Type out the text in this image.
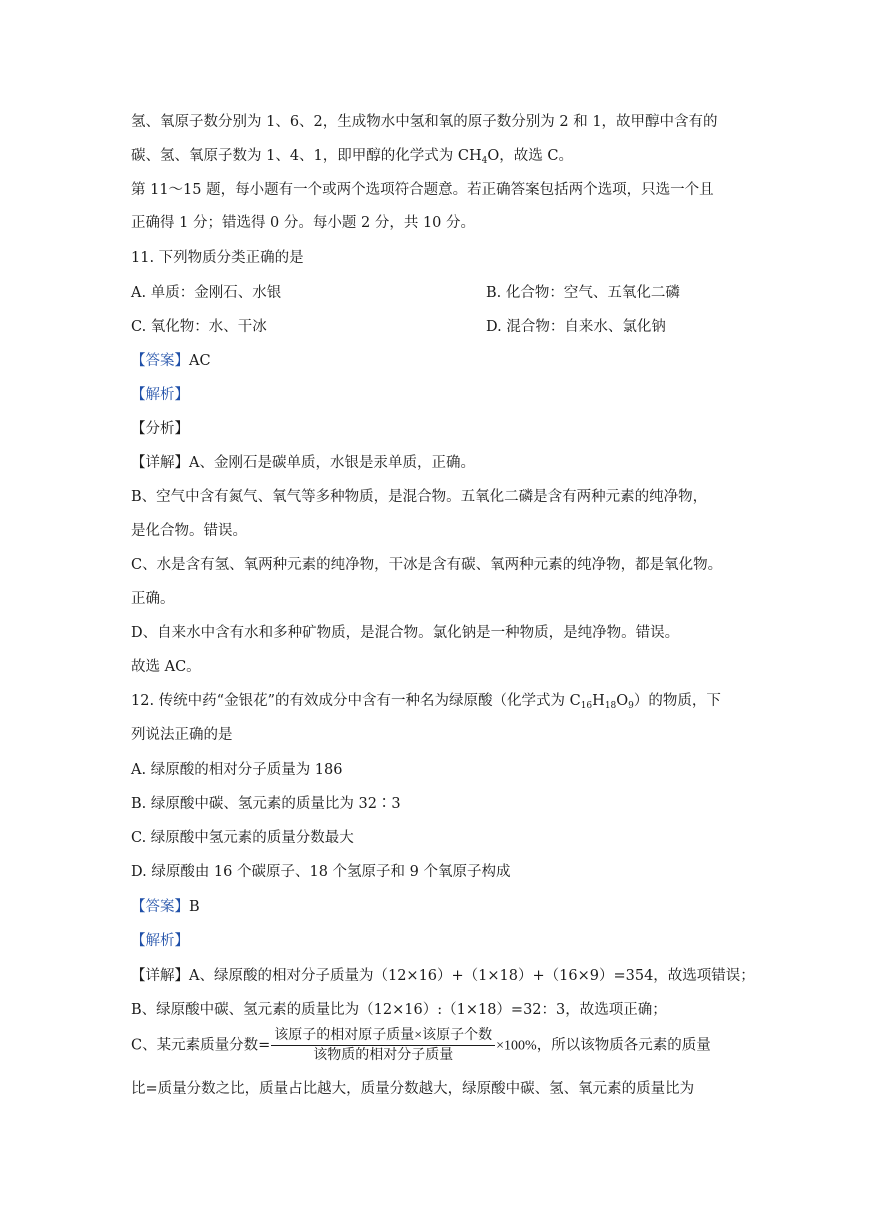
氢、氧原子数分别为 1、6、2，生成物水中氢和氧的原子数分别为 2 和 1，故甲醇中含有的
碳、氢、氧原子数为 1、4、1，即甲醇的化学式为 $CH_4O$，故选 C。
第 11～15 题，每小题有一个或两个选项符合题意。若正确答案包括两个选项，只选一个且
正确得 1 分；错选得 0 分。每小题 2 分，共 10 分。
11. 下列物质分类正确的是
A. 单质：金刚石、水银	B. 化合物：空气、五氧化二磷
C. 氧化物：水、干冰	D. 混合物：自来水、氯化钠
【答案】AC
【解析】
【分析】
【详解】A、金刚石是碳单质，水银是汞单质，正确。
B、空气中含有氮气、氧气等多种物质，是混合物。五氧化二磷是含有两种元素的纯净物，
是化合物。错误。
C、水是含有氢、氧两种元素的纯净物，干冰是含有碳、氧两种元素的纯净物，都是氧化物。
正确。
D、自来水中含有水和多种矿物质，是混合物。氯化钠是一种物质，是纯净物。错误。
故选 AC。
12. 传统中药“金银花”的有效成分中含有一种名为绿原酸（化学式为 $C_{16}H_{18}O_9$）的物质，下
列说法正确的是
A. 绿原酸的相对分子质量为 186
B. 绿原酸中碳、氢元素的质量比为 32∶3
C. 绿原酸中氢元素的质量分数最大
D. 绿原酸由 16 个碳原子、18 个氢原子和 9 个氧原子构成
【答案】B
【解析】
【详解】A、绿原酸的相对分子质量为（12×16）+（1×18）+（16×9）=354，故选项错误；
B、绿原酸中碳、氢元素的质量比为（12×16）:（1×18）=32：3，故选项正确；
C、某元素质量分数= $\frac{\text{该原子的相对原子质量×该原子个数}}{\text{该物质的相对分子质量}} \times 100\%$，所以该物质各元素的质量
比=质量分数之比，质量占比越大，质量分数越大，绿原酸中碳、氢、氧元素的质量比为
